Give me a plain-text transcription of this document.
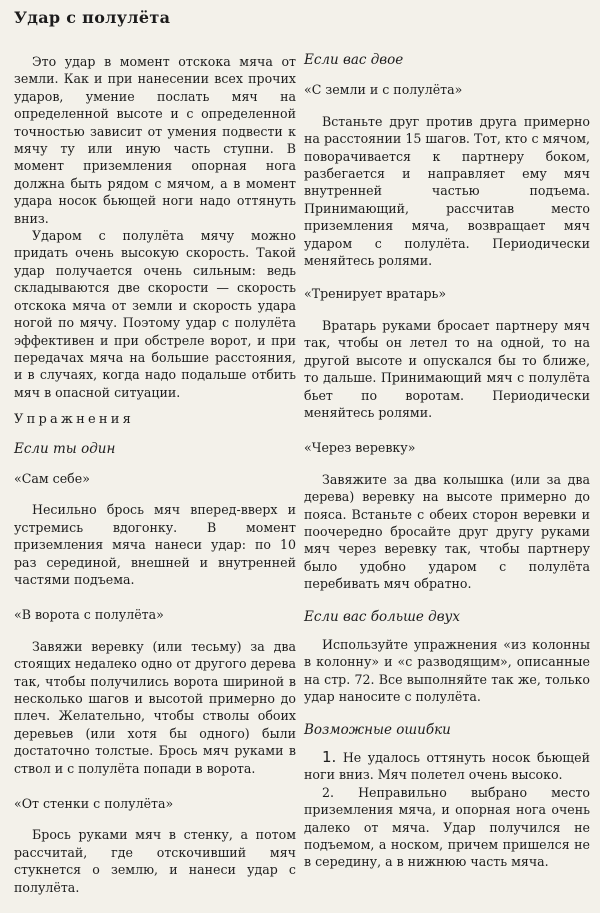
Удар с полулёта

Это удар в момент отскока мяча от земли. Как и при нанесении всех прочих ударов, умение послать мяч на определенной высоте и с определенной точностью зависит от умения подвести к мячу ту или иную часть ступни. В момент приземления опорная нога должна быть рядом с мячом, а в момент удара носок бьющей ноги надо оттянуть вниз.

Ударом с полулёта мячу можно придать очень высокую скорость. Такой удар получается очень сильным: ведь складываются две скорости — скорость отскока мяча от земли и скорость удара ногой по мячу. Поэтому удар с полулёта эффективен и при обстреле ворот, и при передачах мяча на большие расстояния, и в случаях, когда надо подальше отбить мяч в опасной ситуации.

Упражнения
Если ты один
«Сам себе»

Несильно брось мяч вперед-вверх и устремись вдогонку. В момент приземления мяча нанеси удар: по 10 раз серединой, внешней и внутренней частями подъема.

«В ворота с полулёта»

Завяжи веревку (или тесьму) за два стоящих недалеко одно от другого дерева так, чтобы получились ворота шириной в несколько шагов и высотой примерно до плеч. Желательно, чтобы стволы обоих деревьев (или хотя бы одного) были достаточно толстые. Брось мяч руками в ствол и с полулёта попади в ворота.

«От стенки с полулёта»

Брось руками мяч в стенку, а потом рассчитай, где отскочивший мяч стукнется о землю, и нанеси удар с полулёта.

Если вас двое
«С земли и с полулёта»

Встаньте друг против друга примерно на расстоянии 15 шагов. Тот, кто с мячом, поворачивается к партнеру боком, разбегается и направляет ему мяч внутренней частью подъема. Принимающий, рассчитав место приземления мяча, возвращает мяч ударом с полулёта. Периодически меняйтесь ролями.

«Тренирует вратарь»

Вратарь руками бросает партнеру мяч так, чтобы он летел то на одной, то на другой высоте и опускался бы то ближе, то дальше. Принимающий мяч с полулёта бьет по воротам. Периодически меняйтесь ролями.

«Через веревку»

Завяжите за два колышка (или за два дерева) веревку на высоте примерно до пояса. Встаньте с обеих сторон веревки и поочередно бросайте друг другу руками мяч через веревку так, чтобы партнеру было удобно ударом с полулёта перебивать мяч обратно.

Если вас больше двух

Используйте упражнения «из колонны в колонну» и «с разводящим», описанные на стр. 72. Все выполняйте так же, только удар наносите с полулёта.

Возможные ошибки

1. Не удалось оттянуть носок бьющей ноги вниз. Мяч полетел очень высоко.

2. Неправильно выбрано место приземления мяча, и опорная нога очень далеко от мяча. Удар получился не подъемом, а носком, причем пришелся не в середину, а в нижнюю часть мяча.
